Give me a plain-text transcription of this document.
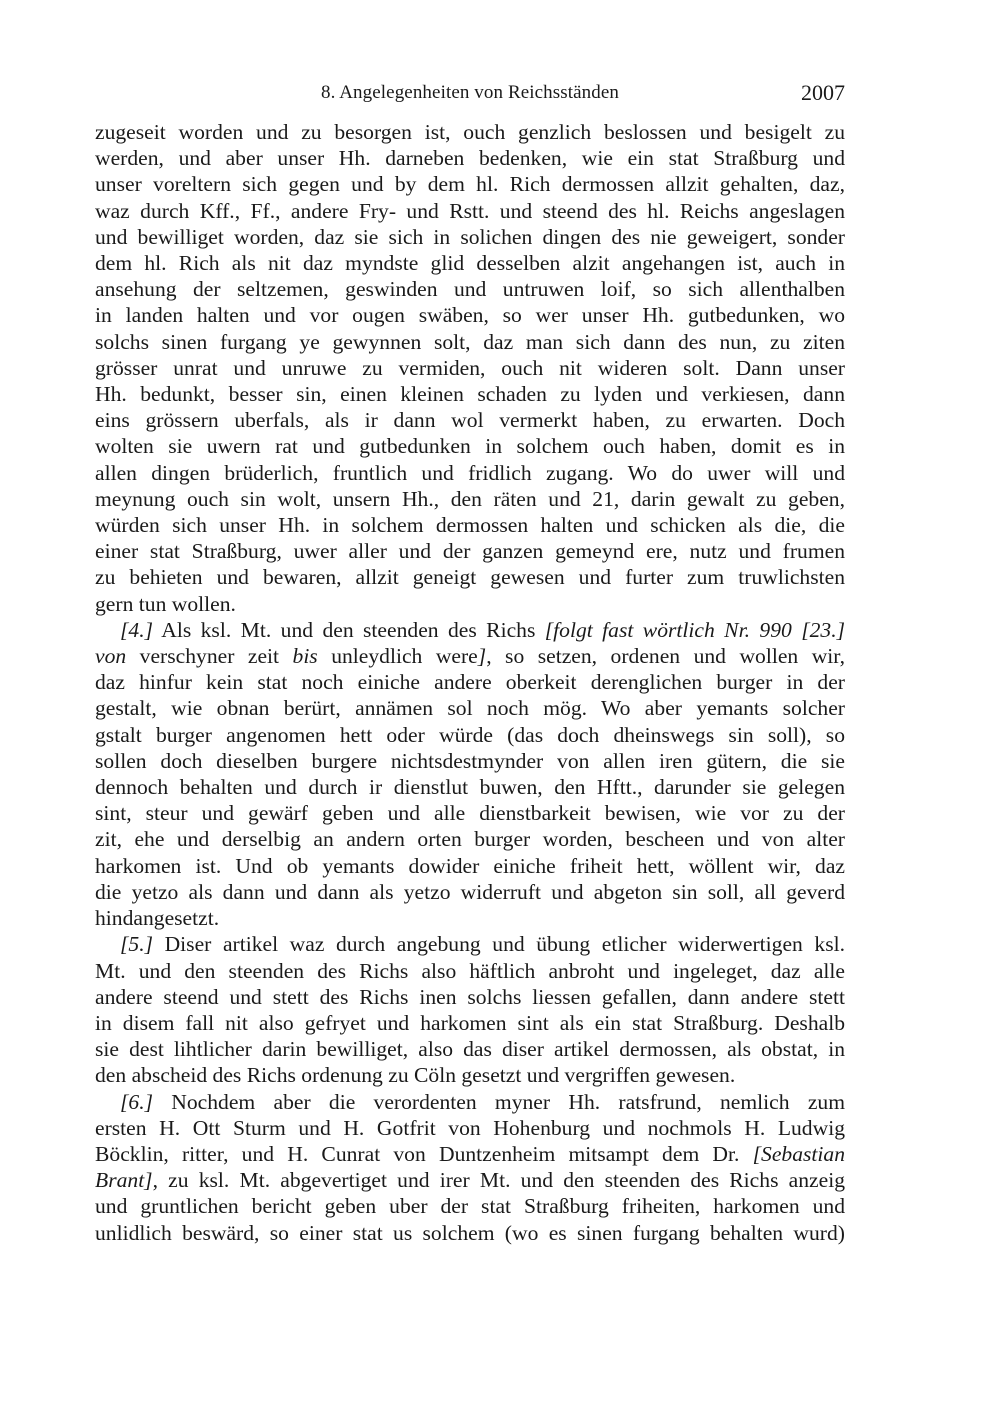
8. Angelegenheiten von Reichsständen	2007
zugeseit worden und zu besorgen ist, ouch genzlich beslossen und besigelt zu
werden, und aber unser Hh. darneben bedenken, wie ein stat Straßburg und
unser voreltern sich gegen und by dem hl. Rich dermossen allzit gehalten, daz,
waz durch Kff., Ff., andere Fry- und Rstt. und steend des hl. Reichs angeslagen
und bewilliget worden, daz sie sich in solichen dingen des nie geweigert, sonder
dem hl. Rich als nit daz myndste glid desselben alzit angehangen ist, auch in
ansehung der seltzemen, geswinden und untruwen loif, so sich allenthalben
in landen halten und vor ougen swäben, so wer unser Hh. gutbedunken, wo
solchs sinen furgang ye gewynnen solt, daz man sich dann des nun, zu ziten
grösser unrat und unruwe zu vermiden, ouch nit wideren solt. Dann unser
Hh. bedunkt, besser sin, einen kleinen schaden zu lyden und verkiesen, dann
eins grössern uberfals, als ir dann wol vermerkt haben, zu erwarten. Doch
wolten sie uwern rat und gutbedunken in solchem ouch haben, domit es in
allen dingen brüderlich, fruntlich und fridlich zugang. Wo do uwer will und
meynung ouch sin wolt, unsern Hh., den räten und 21, darin gewalt zu geben,
würden sich unser Hh. in solchem dermossen halten und schicken als die, die
einer stat Straßburg, uwer aller und der ganzen gemeynd ere, nutz und frumen
zu behieten und bewaren, allzit geneigt gewesen und furter zum truwlichsten
gern tun wollen.
[4.] Als ksl. Mt. und den steenden des Richs [folgt fast wörtlich Nr. 990 [23.]
von verschyner zeit bis unleydlich were], so setzen, ordenen und wollen wir,
daz hinfur kein stat noch einiche andere oberkeit derenglichen burger in der
gestalt, wie obnan berürt, annämen sol noch mög. Wo aber yemants solcher
gstalt burger angenomen hett oder würde (das doch dheinswegs sin soll), so
sollen doch dieselben burgere nichtsdestmynder von allen iren gütern, die sie
dennoch behalten und durch ir dienstlut buwen, den Hftt., darunder sie gelegen
sint, steur und gewärf geben und alle dienstbarkeit bewisen, wie vor zu der
zit, ehe und derselbig an andern orten burger worden, bescheen und von alter
harkomen ist. Und ob yemants dowider einiche friheit hett, wöllent wir, daz
die yetzo als dann und dann als yetzo widerruft und abgeton sin soll, all geverd
hindangesetzt.
[5.] Diser artikel waz durch angebung und übung etlicher widerwertigen ksl.
Mt. und den steenden des Richs also häftlich anbroht und ingeleget, daz alle
andere steend und stett des Richs inen solchs liessen gefallen, dann andere stett
in disem fall nit also gefryet und harkomen sint als ein stat Straßburg. Deshalb
sie dest lihtlicher darin bewilliget, also das diser artikel dermossen, als obstat, in
den abscheid des Richs ordenung zu Cöln gesetzt und vergriffen gewesen.
[6.] Nochdem aber die verordenten myner Hh. ratsfrund, nemlich zum
ersten H. Ott Sturm und H. Gotfrit von Hohenburg und nochmols H. Ludwig
Böcklin, ritter, und H. Cunrat von Duntzenheim mitsampt dem Dr. [Sebastian
Brant], zu ksl. Mt. abgevertiget und irer Mt. und den steenden des Richs anzeig
und gruntlichen bericht geben uber der stat Straßburg friheiten, harkomen und
unlidlich beswärd, so einer stat us solchem (wo es sinen furgang behalten wurd)
